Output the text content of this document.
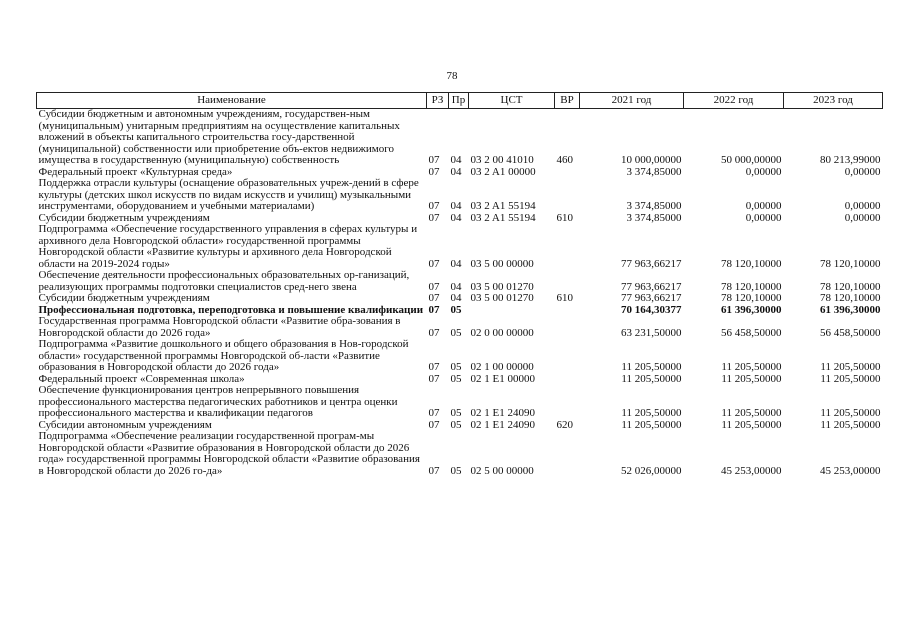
78
Наименование	РЗ	Пр	ЦСТ	ВР	2021 год	2022 год	2023 год
Субсидии бюджетным и автономным учреждениям, государствен-ным (муниципальным) унитарным предприятиям на осуществление капитальных вложений в объекты капитального строительства госу-дарственной (муниципальной) собственности или приобретение объ-ектов недвижимого имущества в государственную (муниципальную) собственность	07	04	03 2 00 41010	460	10 000,00000	50 000,00000	80 213,99000
Федеральный проект «Культурная среда»	07	04	03 2 A1 00000		3 374,85000	0,00000	0,00000
Поддержка отрасли культуры (оснащение образовательных учреж-дений в сфере культуры (детских школ искусств по видам искусств и училищ) музыкальными инструментами, оборудованием и учебными материалами)	07	04	03 2 A1 55194		3 374,85000	0,00000	0,00000
Субсидии бюджетным учреждениям	07	04	03 2 A1 55194	610	3 374,85000	0,00000	0,00000
Подпрограмма «Обеспечение государственного управления в сферах культуры и архивного дела Новгородской области» государственной программы Новгородской области «Развитие культуры и архивного дела Новгородской области на 2019-2024 годы»	07	04	03 5 00 00000		77 963,66217	78 120,10000	78 120,10000
Обеспечение деятельности профессиональных образовательных ор-ганизаций, реализующих программы подготовки специалистов сред-него звена	07	04	03 5 00 01270		77 963,66217	78 120,10000	78 120,10000
Субсидии бюджетным учреждениям	07	04	03 5 00 01270	610	77 963,66217	78 120,10000	78 120,10000
Профессиональная подготовка, переподготовка и повышение квалификации	07	05			70 164,30377	61 396,30000	61 396,30000
Государственная программа Новгородской области «Развитие обра-зования в Новгородской области до 2026 года»	07	05	02 0 00 00000		63 231,50000	56 458,50000	56 458,50000
Подпрограмма «Развитие дошкольного и общего образования в Нов-городской области» государственной программы Новгородской об-ласти «Развитие образования в Новгородской области до 2026 года»	07	05	02 1 00 00000		11 205,50000	11 205,50000	11 205,50000
Федеральный проект «Современная школа»	07	05	02 1 E1 00000		11 205,50000	11 205,50000	11 205,50000
Обеспечение функционирования центров непрерывного повышения профессионального мастерства педагогических работников и центра оценки профессионального мастерства и квалификации педагогов	07	05	02 1 E1 24090		11 205,50000	11 205,50000	11 205,50000
Субсидии автономным учреждениям	07	05	02 1 E1 24090	620	11 205,50000	11 205,50000	11 205,50000
Подпрограмма «Обеспечение реализации государственной програм-мы Новгородской области «Развитие образования в Новгородской области до 2026 года» государственной программы Новгородской области «Развитие образования в Новгородской области до 2026 го-да»	07	05	02 5 00 00000		52 026,00000	45 253,00000	45 253,00000
